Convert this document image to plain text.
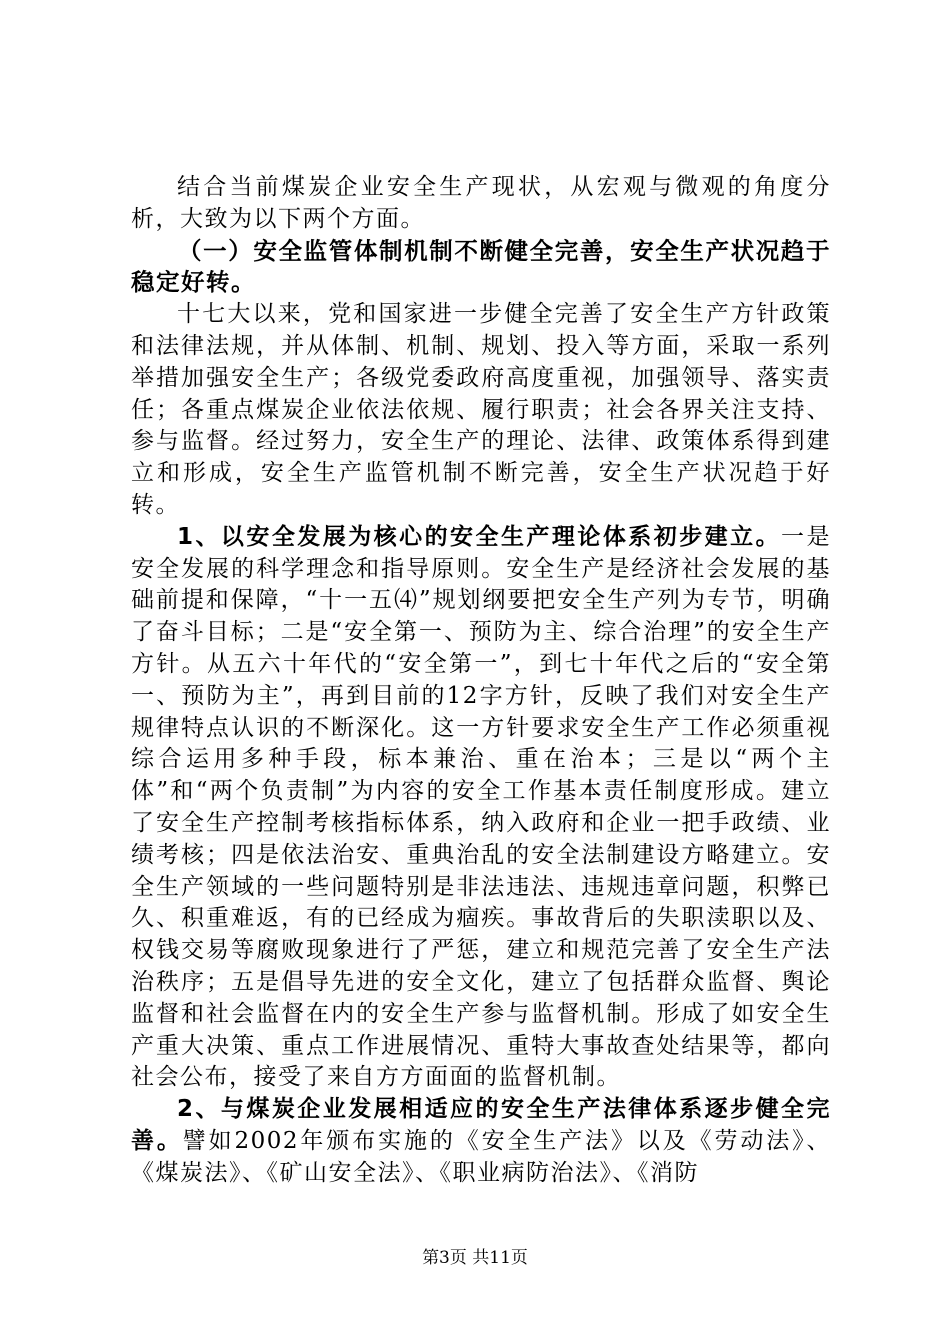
结合当前煤炭企业安全生产现状，从宏观与微观的角度分析，大致为以下两个方面。

（一）安全监管体制机制不断健全完善，安全生产状况趋于稳定好转。

十七大以来，党和国家进一步健全完善了安全生产方针政策和法律法规，并从体制、机制、规划、投入等方面，采取一系列举措加强安全生产；各级党委政府高度重视，加强领导、落实责任；各重点煤炭企业依法依规、履行职责；社会各界关注支持、参与监督。经过努力，安全生产的理论、法律、政策体系得到建立和形成，安全生产监管机制不断完善，安全生产状况趋于好转。

1、以安全发展为核心的安全生产理论体系初步建立。一是安全发展的科学理念和指导原则。安全生产是经济社会发展的基础前提和保障，“十一五⑷”规划纲要把安全生产列为专节，明确了奋斗目标；二是“安全第一、预防为主、综合治理”的安全生产方针。从五六十年代的“安全第一”，到七十年代之后的“安全第一、预防为主”，再到目前的12字方针，反映了我们对安全生产规律特点认识的不断深化。这一方针要求安全生产工作必须重视综合运用多种手段，标本兼治、重在治本；三是以“两个主体”和“两个负责制”为内容的安全工作基本责任制度形成。建立了安全生产控制考核指标体系，纳入政府和企业一把手政绩、业绩考核；四是依法治安、重典治乱的安全法制建设方略建立。安全生产领域的一些问题特别是非法违法、违规违章问题，积弊已久、积重难返，有的已经成为痼疾。事故背后的失职渎职以及、权钱交易等腐败现象进行了严惩，建立和规范完善了安全生产法治秩序；五是倡导先进的安全文化，建立了包括群众监督、舆论监督和社会监督在内的安全生产参与监督机制。形成了如安全生产重大决策、重点工作进展情况、重特大事故查处结果等，都向社会公布，接受了来自方方面面的监督机制。

2、与煤炭企业发展相适应的安全生产法律体系逐步健全完善。譬如2002年颁布实施的《安全生产法》以及《劳动法》、《煤炭法》、《矿山安全法》、《职业病防治法》、《消防

第3页 共11页
